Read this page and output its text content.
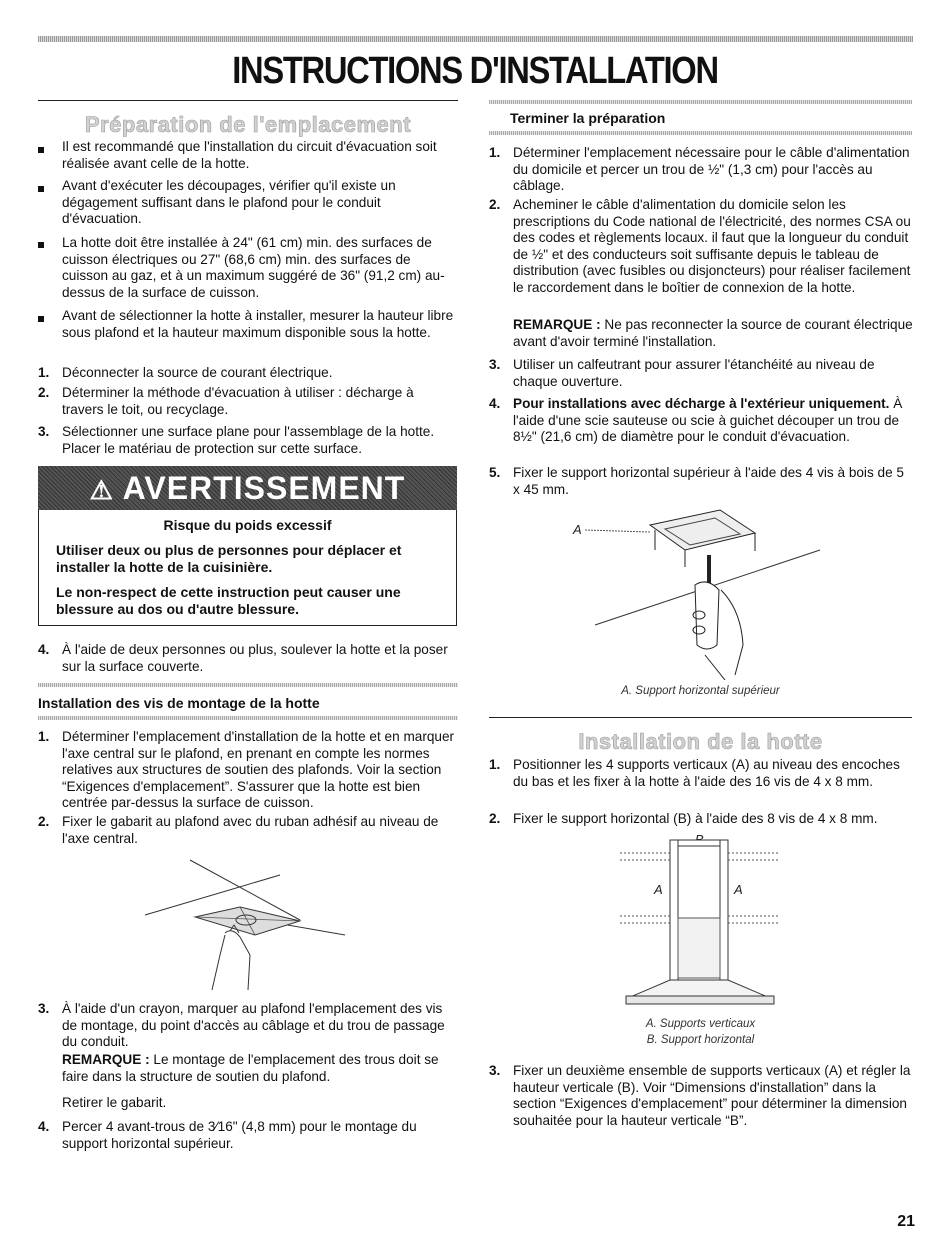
INSTRUCTIONS D'INSTALLATION
Préparation de l'emplacement
Il est recommandé que l'installation du circuit d'évacuation soit réalisée avant celle de la hotte.
Avant d'exécuter les découpages, vérifier qu'il existe un dégagement suffisant dans le plafond pour le conduit d'évacuation.
La hotte doit être installée à 24" (61 cm) min. des surfaces de cuisson électriques ou 27" (68,6 cm) min. des surfaces de cuisson au gaz, et à un maximum suggéré de 36" (91,2 cm) au-dessus de la surface de cuisson.
Avant de sélectionner la hotte à installer, mesurer la hauteur libre sous plafond et la hauteur maximum disponible sous la hotte.
1. Déconnecter la source de courant électrique.
2. Déterminer la méthode d'évacuation à utiliser : décharge à travers le toit, ou recyclage.
3. Sélectionner une surface plane pour l'assemblage de la hotte. Placer le matériau de protection sur cette surface.
⚠ AVERTISSEMENT
Risque du poids excessif
Utiliser deux ou plus de personnes pour déplacer et installer la hotte de la cuisinière.
Le non-respect de cette instruction peut causer une blessure au dos ou d'autre blessure.
4. À l'aide de deux personnes ou plus, soulever la hotte et la poser sur la surface couverte.
Installation des vis de montage de la hotte
1. Déterminer l'emplacement d'installation de la hotte et en marquer l'axe central sur le plafond, en prenant en compte les normes relatives aux structures de soutien des plafonds. Voir la section “Exigences d'emplacement”. S'assurer que la hotte est bien centrée par-dessus la surface de cuisson.
2. Fixer le gabarit au plafond avec du ruban adhésif au niveau de l'axe central.
3. À l'aide d'un crayon, marquer au plafond l'emplacement des vis de montage, du point d'accès au câblage et du trou de passage du conduit.
REMARQUE : Le montage de l'emplacement des trous doit se faire dans la structure de soutien du plafond.
Retirer le gabarit.
4. Percer 4 avant-trous de 3⁄16" (4,8 mm) pour le montage du support horizontal supérieur.
Terminer la préparation
1. Déterminer l'emplacement nécessaire pour le câble d'alimentation du domicile et percer un trou de ½" (1,3 cm) pour l'accès au câblage.
2. Acheminer le câble d'alimentation du domicile selon les prescriptions du Code national de l'électricité, des normes CSA ou des codes et règlements locaux. il faut que la longueur du conduit de ½" et des conducteurs soit suffisante depuis le tableau de distribution (avec fusibles ou disjoncteurs) pour réaliser facilement le raccordement dans le boîtier de connexion de la hotte.
REMARQUE : Ne pas reconnecter la source de courant électrique avant d'avoir terminé l'installation.
3. Utiliser un calfeutrant pour assurer l'étanchéité au niveau de chaque ouverture.
4. Pour installations avec décharge à l'extérieur uniquement. À l'aide d'une scie sauteuse ou scie à guichet découper un trou de 8½" (21,6 cm) de diamètre pour le conduit d'évacuation.
5. Fixer le support horizontal supérieur à l'aide des 4 vis à bois de 5 x 45 mm.
A
A. Support horizontal supérieur
Installation de la hotte
1. Positionner les 4 supports verticaux (A) au niveau des encoches du bas et les fixer à la hotte à l'aide des 16 vis de 4 x 8 mm.
2. Fixer le support horizontal (B) à l'aide des 8 vis de 4 x 8 mm.
A	A
A. Supports verticaux
B. Support horizontal
3. Fixer un deuxième ensemble de supports verticaux (A) et régler la hauteur verticale (B). Voir “Dimensions d'installation” dans la section “Exigences d'emplacement” pour déterminer la dimension souhaitée pour la hauteur verticale “B”.
21
